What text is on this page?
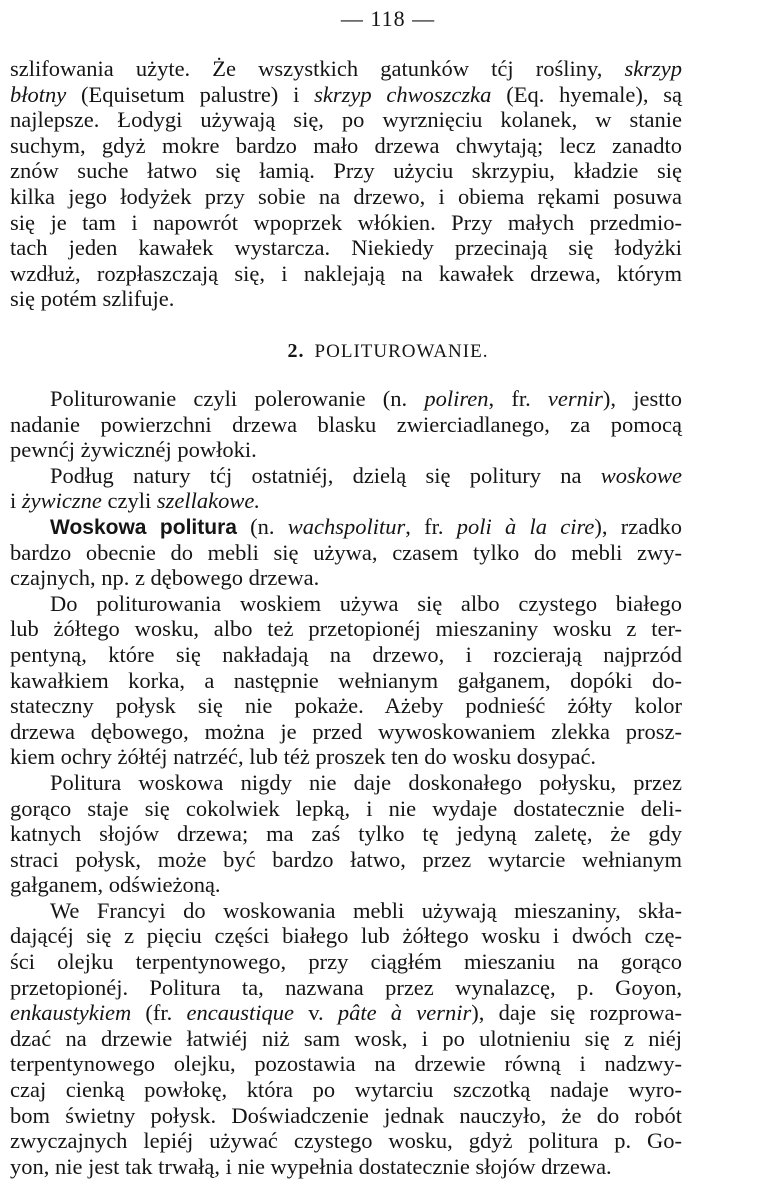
— 118 —
szlifowania użyte. Że wszystkich gatunków tćj rośliny, skrzyp
błotny (Equisetum palustre) i skrzyp chwoszczka (Eq. hyemale), są
najlepsze. Łodygi używają się, po wyrznięciu kolanek, w stanie
suchym, gdyż mokre bardzo mało drzewa chwytają; lecz zanadto
znów suche łatwo się łamią. Przy użyciu skrzypiu, kładzie się
kilka jego łodyżek przy sobie na drzewo, i obiema rękami posuwa
się je tam i napowrót wpoprzek włókien. Przy małych przedmio-
tach jeden kawałek wystarcza. Niekiedy przecinają się łodyżki
wzdłuż, rozpłaszczają się, i naklejają na kawałek drzewa, którym
się potém szlifuje.
2. POLITUROWANIE.
Politurowanie czyli polerowanie (n. poliren, fr. vernir), jestto
nadanie powierzchni drzewa blasku zwierciadlanego, za pomocą
pewnćj żywicznéj powłoki.
Podług natury tćj ostatniéj, dzielą się politury na woskowe
i żywiczne czyli szellakowe.
Woskowa politura (n. wachspolitur, fr. poli à la cire), rzadko
bardzo obecnie do mebli się używa, czasem tylko do mebli zwy-
czajnych, np. z dębowego drzewa.
Do politurowania woskiem używa się albo czystego białego
lub żółtego wosku, albo też przetopionéj mieszaniny wosku z ter-
pentyną, które się nakładają na drzewo, i rozcierają najprzód
kawałkiem korka, a następnie wełnianym gałganem, dopóki do-
stateczny połysk się nie pokaże. Ażeby podnieść żółty kolor
drzewa dębowego, można je przed wywoskowaniem zlekka prosz-
kiem ochry żółtéj natrzéć, lub téż proszek ten do wosku dosypać.
Politura woskowa nigdy nie daje doskonałego połysku, przez
gorąco staje się cokolwiek lepką, i nie wydaje dostatecznie deli-
katnych słojów drzewa; ma zaś tylko tę jedyną zaletę, że gdy
straci połysk, może być bardzo łatwo, przez wytarcie wełnianym
gałganem, odświeżoną.
We Francyi do woskowania mebli używają mieszaniny, skła-
dającéj się z pięciu części białego lub żółtego wosku i dwóch czę-
ści olejku terpentynowego, przy ciągłém mieszaniu na gorąco
przetopionéj. Politura ta, nazwana przez wynalazcę, p. Goyon,
enkaustykiem (fr. encaustique v. pâte à vernir), daje się rozprowa-
dzać na drzewie łatwiéj niż sam wosk, i po ulotnieniu się z niéj
terpentynowego olejku, pozostawia na drzewie równą i nadzwy-
czaj cienką powłokę, która po wytarciu szczotką nadaje wyro-
bom świetny połysk. Doświadczenie jednak nauczyło, że do robót
zwyczajnych lepiéj używać czystego wosku, gdyż politura p. Go-
yon, nie jest tak trwałą, i nie wypełnia dostatecznie słojów drzewa.
